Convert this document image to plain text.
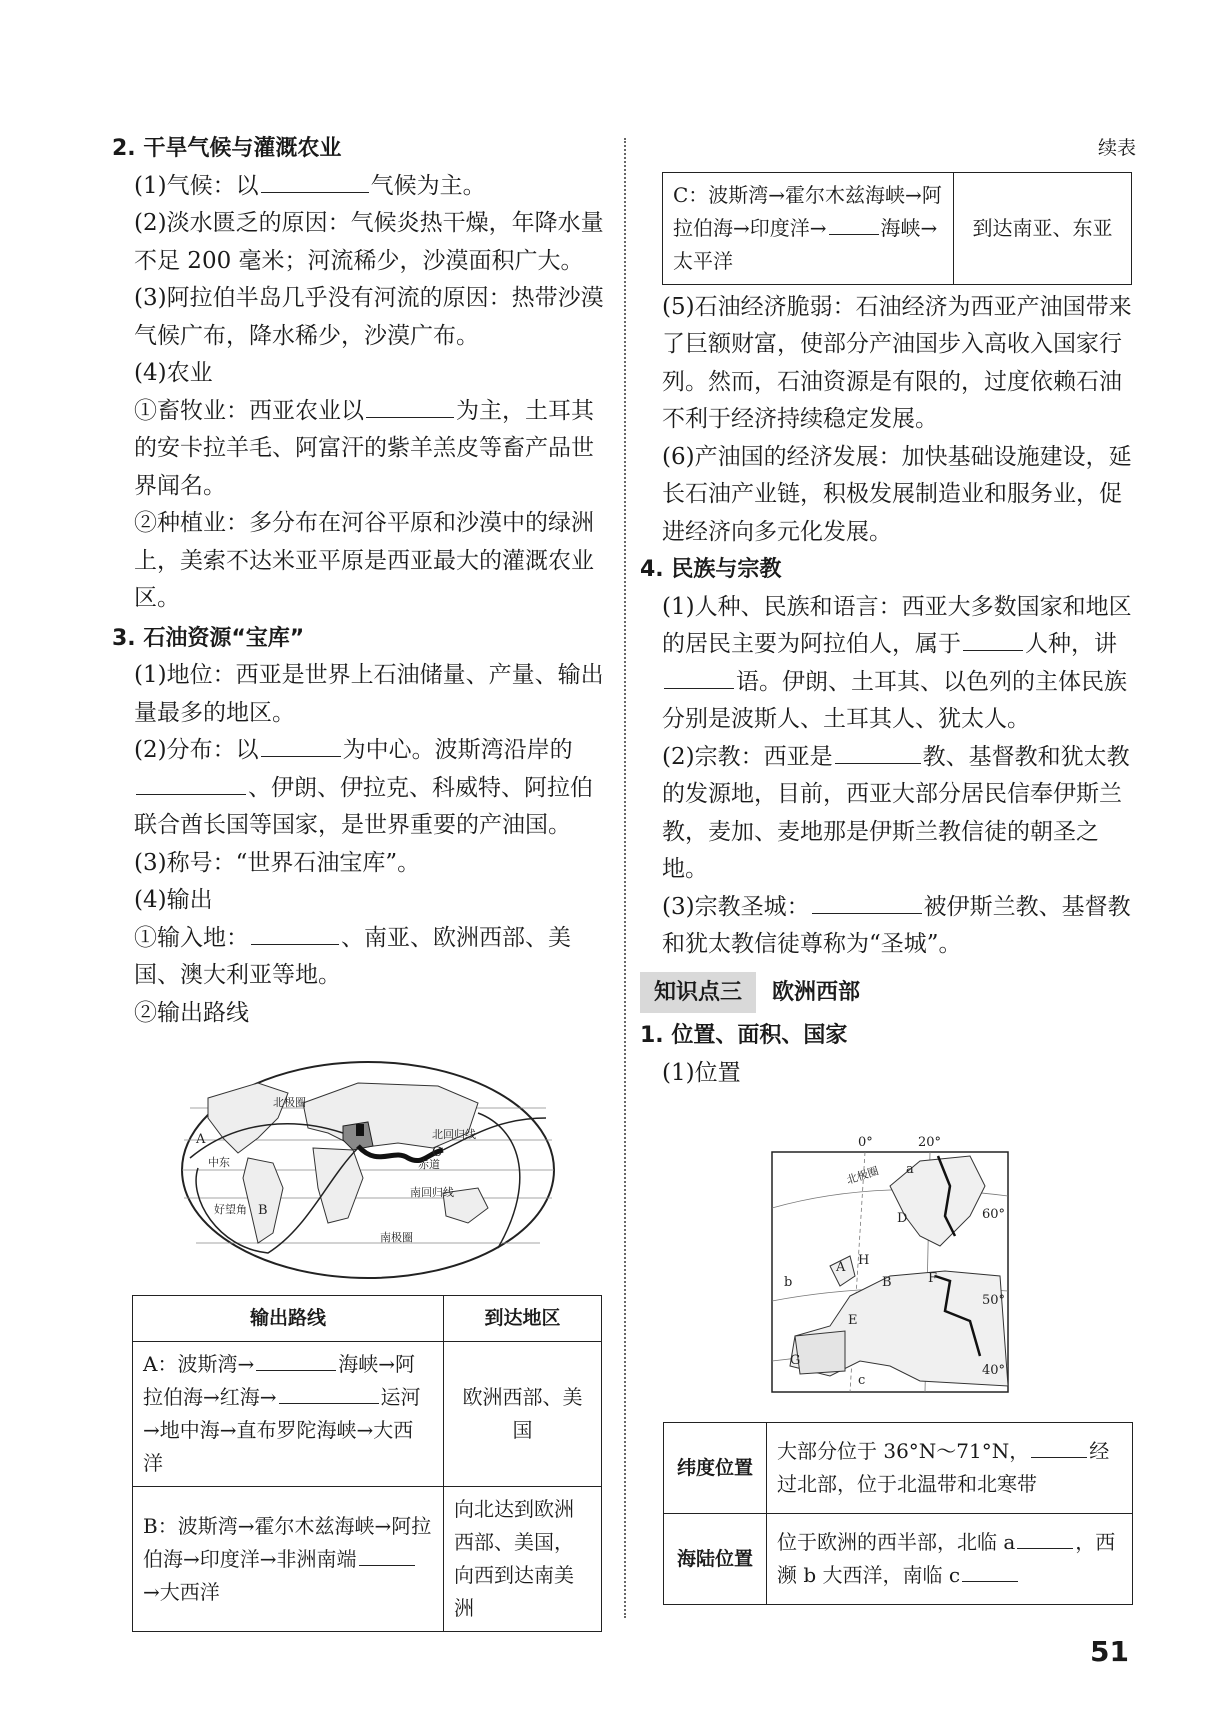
2. 干旱气候与灌溉农业

(1)气候：以	气候为主。

(2)淡水匮乏的原因：气候炎热干燥，年降水量不足 200 毫米；河流稀少，沙漠面积广大。

(3)阿拉伯半岛几乎没有河流的原因：热带沙漠气候广布，降水稀少，沙漠广布。

(4)农业

①畜牧业：西亚农业以	为主，土耳其的安卡拉羊毛、阿富汗的紫羊羔皮等畜产品世界闻名。

②种植业：多分布在河谷平原和沙漠中的绿洲上，美索不达米亚平原是西亚最大的灌溉农业区。

3. 石油资源“宝库”

(1)地位：西亚是世界上石油储量、产量、输出量最多的地区。

(2)分布：以	为中心。波斯湾沿岸的、伊朗、伊拉克、科威特、阿拉伯联合酋长国等国家，是世界重要的产油国。

(3)称号：“世界石油宝库”。

(4)输出

①输入地：	、南亚、欧洲西部、美国、澳大利亚等地。

②输出路线

北极圈
北回归线
赤道
南回归线
南极圈
中东
好望角
A
B
C
输出路线	到达地区
A：波斯湾→ 海峡→阿拉伯海→红海→ 运河→地中海→直布罗陀海峡→大西洋	欧洲西部、美国
B：波斯湾→霍尔木兹海峡→阿拉伯海→印度洋→非洲南端→大西洋	向北达到欧洲西部、美国，向西到达南美洲

续表

C：波斯湾→霍尔木兹海峡→阿拉伯海→印度洋→	海峡→太平洋	到达南亚、东亚

(5)石油经济脆弱：石油经济为西亚产油国带来了巨额财富，使部分产油国步入高收入国家行列。然而，石油资源是有限的，过度依赖石油不利于经济持续稳定发展。

(6)产油国的经济发展：加快基础设施建设，延长石油产业链，积极发展制造业和服务业，促进经济向多元化发展。

4. 民族与宗教

(1)人种、民族和语言：西亚大多数国家和地区的居民主要为阿拉伯人，属于	人种，讲语。伊朗、土耳其、以色列的主体民族分别是波斯人、土耳其人、犹太人。

(2)宗教：西亚是	教、基督教和犹太教的发源地，目前，西亚大部分居民信奉伊斯兰教，麦加、麦地那是伊斯兰教信徒的朝圣之地。

(3)宗教圣城：	被伊斯兰教、基督教和犹太教信徒尊称为“圣城”。

知识点三 欧洲西部

1. 位置、面积、国家

(1)位置

0°	20°
北极圈 a
60°
50°
40°
A
B
D
E
F
G
H
b
c
纬度位置	大部分位于 36°N～71°N， 经过北部，位于北温带和北寒带
海陆位置	位于欧洲的西半部，北临 a ，西濒 b 大西洋，南临 c
51
